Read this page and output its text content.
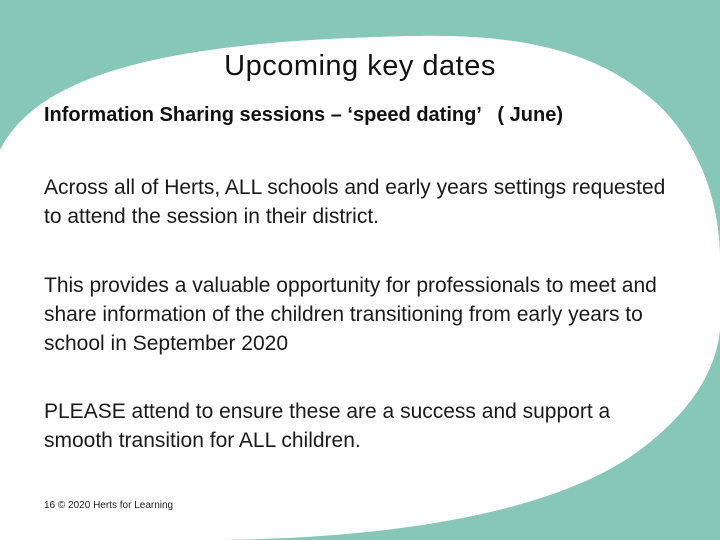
Upcoming key dates
Information Sharing sessions – ‘speed dating’   ( June)
Across all of Herts, ALL schools and early years settings requested to attend the session in their district.
This provides a valuable opportunity for professionals to meet and share information of the children transitioning from early years to school in September 2020
PLEASE attend to ensure these are a success and support a smooth transition for ALL children.
16 © 2020 Herts for Learning
